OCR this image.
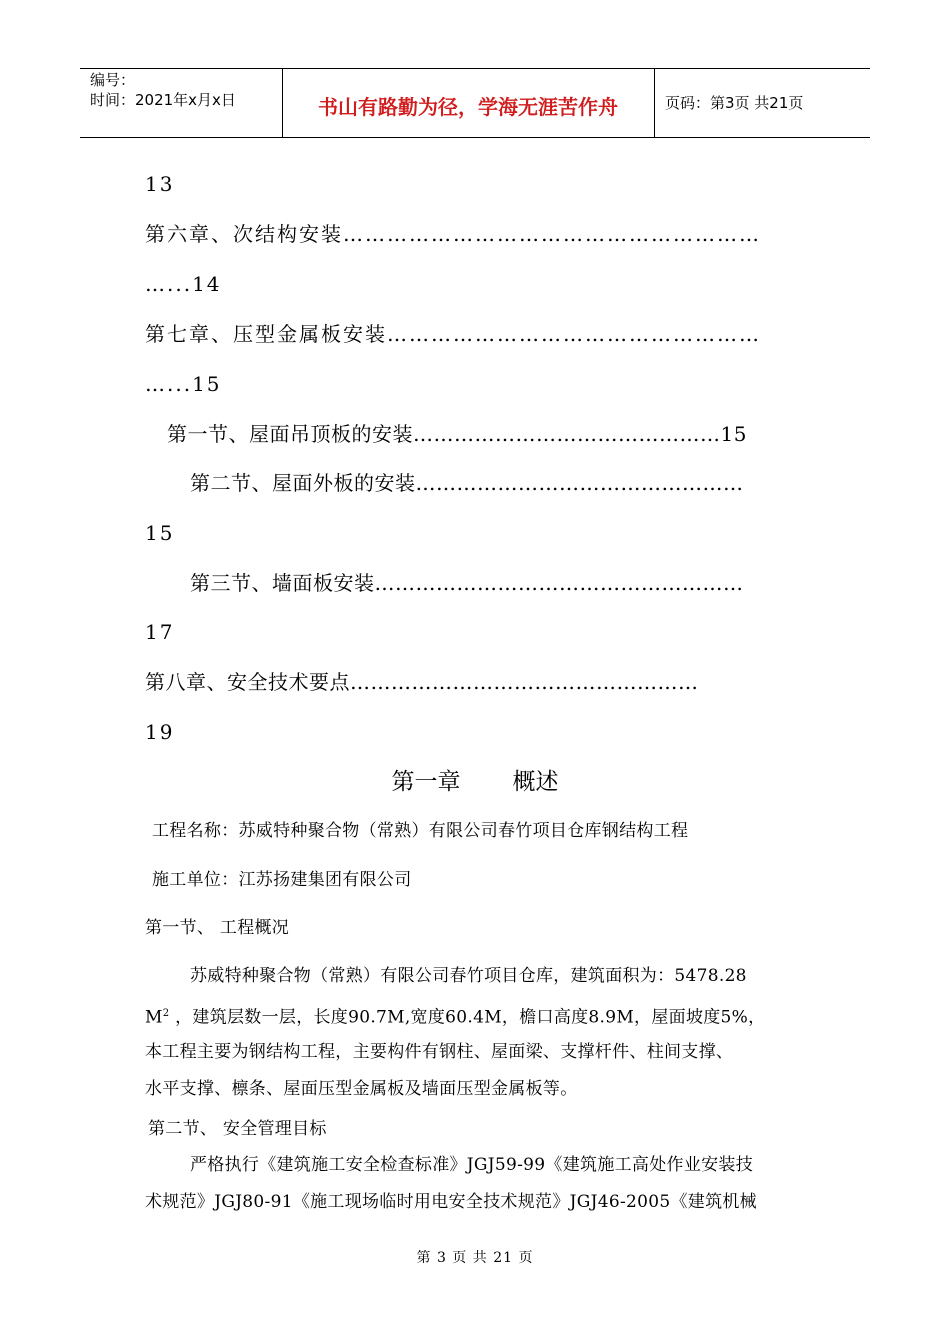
编号：
时间：2021年x月x日	书山有路勤为径，学海无涯苦作舟	页码：第3页 共21页
13
第六章、次结构安装…………………………………………………
…...14
第七章、压型金属板安装……………………………………………
…...15
第一节、屋面吊顶板的安装………………………………………15
第二节、屋面外板的安装…………………………………………
15
第三节、墙面板安装………………………………………………
17
第八章、安全技术要点……………………………………………
19
第一章 概述
工程名称：苏威特种聚合物（常熟）有限公司春竹项目仓库钢结构工程
施工单位：江苏扬建集团有限公司
第一节、 工程概况
苏威特种聚合物（常熟）有限公司春竹项目仓库，建筑面积为：5478.28
$M^2$ ，建筑层数一层，长度90.7M,宽度60.4M，檐口高度8.9M，屋面坡度5%，
本工程主要为钢结构工程，主要构件有钢柱、屋面梁、支撑杆件、柱间支撑、
水平支撑、檩条、屋面压型金属板及墙面压型金属板等。
第二节、 安全管理目标
严格执行《建筑施工安全检查标准》JGJ59-99《建筑施工高处作业安装技
术规范》JGJ80-91《施工现场临时用电安全技术规范》JGJ46-2005《建筑机械
第 3 页 共 21 页
